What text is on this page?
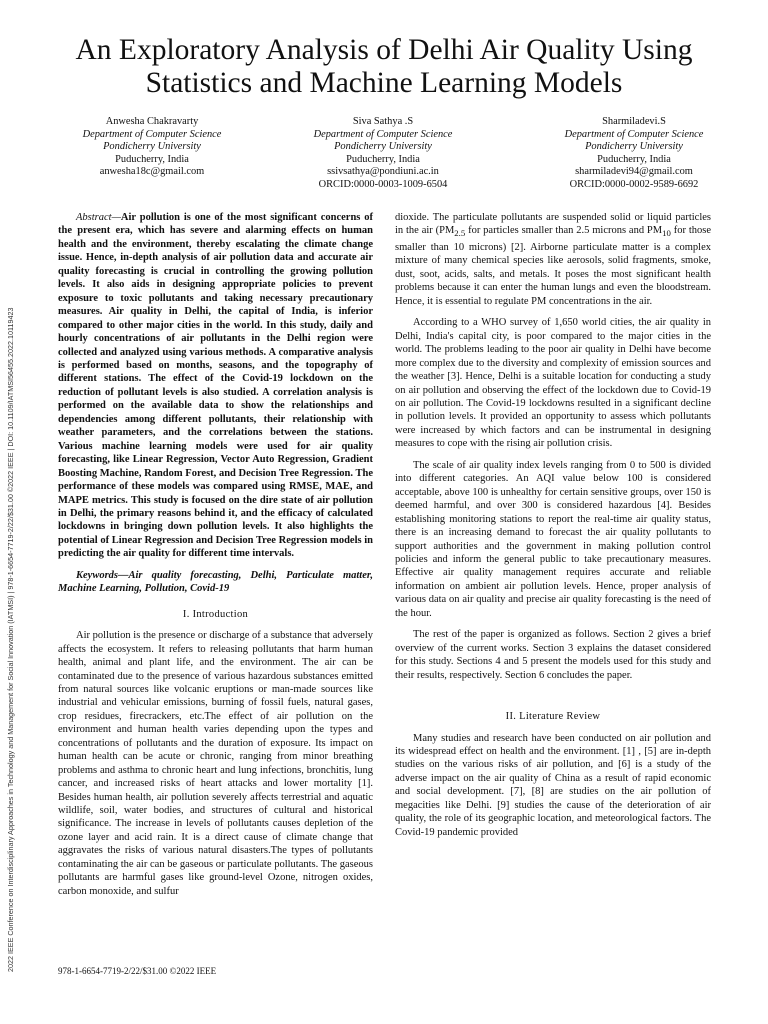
An Exploratory Analysis of Delhi Air Quality Using
Statistics and Machine Learning Models
Anwesha Chakravarty
Department of Computer Science
Pondicherry University
Puducherry, India
anwesha18c@gmail.com
Siva Sathya .S
Department of Computer Science
Pondicherry University
Puducherry, India
ssivsathya@pondiuni.ac.in
ORCID:0000-0003-1009-6504
Sharmiladevi.S
Department of Computer Science
Pondicherry University
Puducherry, India
sharmiladevi94@gmail.com
ORCID:0000-0002-9589-6692
2022 IEEE Conference on Interdisciplinary Approaches in Technology and Management for Social Innovation (IATMSI) | 978-1-6654-7719-2/22/$31.00 ©2022 IEEE | DOI: 10.1109/IATMSI56455.2022.10119423

Abstract—Air pollution is one of the most significant concerns of the present era, which has severe and alarming effects on human health and the environment, thereby escalating the climate change issue. Hence, in-depth analysis of air pollution data and accurate air quality forecasting is crucial in controlling the growing pollution levels. It also aids in designing appropriate policies to prevent exposure to toxic pollutants and taking necessary precautionary measures. Air quality in Delhi, the capital of India, is inferior compared to other major cities in the world. In this study, daily and hourly concentrations of air pollutants in the Delhi region were collected and analyzed using various methods. A comparative analysis is performed based on months, seasons, and the topography of different stations. The effect of the Covid-19 lockdown on the reduction of pollutant levels is also studied. A correlation analysis is performed on the available data to show the relationships and dependencies among different pollutants, their relationship with weather parameters, and the correlations between the stations. Various machine learning models were used for air quality forecasting, like Linear Regression, Vector Auto Regression, Gradient Boosting Machine, Random Forest, and Decision Tree Regression. The performance of these models was compared using RMSE, MAE, and MAPE metrics. This study is focused on the dire state of air pollution in Delhi, the primary reasons behind it, and the efficacy of calculated lockdowns in bringing down pollution levels. It also highlights the potential of Linear Regression and Decision Tree Regression models in predicting the air quality for different time intervals.

Keywords—Air quality forecasting, Delhi, Particulate matter, Machine Learning, Pollution, Covid-19

I. Introduction

Air pollution is the presence or discharge of a substance that adversely affects the ecosystem. It refers to releasing pollutants that harm human health, animal and plant life, and the environment. The air can be contaminated due to the presence of various hazardous substances emitted from natural sources like volcanic eruptions or man-made sources like industrial and vehicular emissions, burning of fossil fuels, natural gases, crop residues, firecrackers, etc.The effect of air pollution on the environment and human health varies depending upon the types and concentrations of pollutants and the duration of exposure. Its impact on human health can be acute or chronic, ranging from minor breathing problems and asthma to chronic heart and lung infections, bronchitis, lung cancer, and increased risks of heart attacks and lower mortality [1]. Besides human health, air pollution severely affects terrestrial and aquatic wildlife, soil, water bodies, and structures of cultural and historical significance. The increase in levels of pollutants causes depletion of the ozone layer and acid rain. It is a direct cause of climate change that aggravates the risks of various natural disasters.The types of pollutants contaminating the air can be gaseous or particulate pollutants. The gaseous pollutants are harmful gases like ground-level Ozone, nitrogen oxides, carbon monoxide, and sulfur

dioxide. The particulate pollutants are suspended solid or liquid particles in the air ($PM_{2.5}$ for particles smaller than 2.5 microns and $PM_{10}$ for those smaller than 10 microns) [2]. Airborne particulate matter is a complex mixture of many chemical species like aerosols, solid fragments, smoke, dust, soot, acids, salts, and metals. It poses the most significant health problems because it can enter the human lungs and even the bloodstream. Hence, it is essential to regulate PM concentrations in the air.

According to a WHO survey of 1,650 world cities, the air quality in Delhi, India's capital city, is poor compared to the major cities in the world. The problems leading to the poor air quality in Delhi have become more complex due to the diversity and complexity of emission sources and the weather [3]. Hence, Delhi is a suitable location for conducting a study on air pollution and observing the effect of the lockdown due to Covid-19 on air pollution. The Covid-19 lockdowns resulted in a significant decline in pollution levels. It provided an opportunity to assess which pollutants were increased by which factors and can be instrumental in designing measures to cope with the rising air pollution crisis.

The scale of air quality index levels ranging from 0 to 500 is divided into different categories. An AQI value below 100 is considered acceptable, above 100 is unhealthy for certain sensitive groups, over 150 is deemed harmful, and over 300 is considered hazardous [4]. Besides establishing monitoring stations to report the real-time air quality status, there is an increasing demand to forecast the air quality pollutants to support authorities and the government in making pollution control policies and inform the general public to take precautionary measures. Effective air quality management requires accurate and reliable information on ambient air pollution levels. Hence, proper analysis of various data on air quality and precise air quality forecasting is the need of the hour.

The rest of the paper is organized as follows. Section 2 gives a brief overview of the current works. Section 3 explains the dataset considered for this study. Sections 4 and 5 present the models used for this study and their results, respectively. Section 6 concludes the paper.

II. Literature Review

Many studies and research have been conducted on air pollution and its widespread effect on health and the environment. [1] , [5] are in-depth studies on the various risks of air pollution, and [6] is a study of the adverse impact on the air quality of China as a result of rapid economic and social development. [7], [8] are studies on the air pollution of megacities like Delhi. [9] studies the cause of the deterioration of air quality, the role of its geographic location, and meteorological factors. The Covid-19 pandemic provided

978-1-6654-7719-2/22/$31.00 ©2022 IEEE
